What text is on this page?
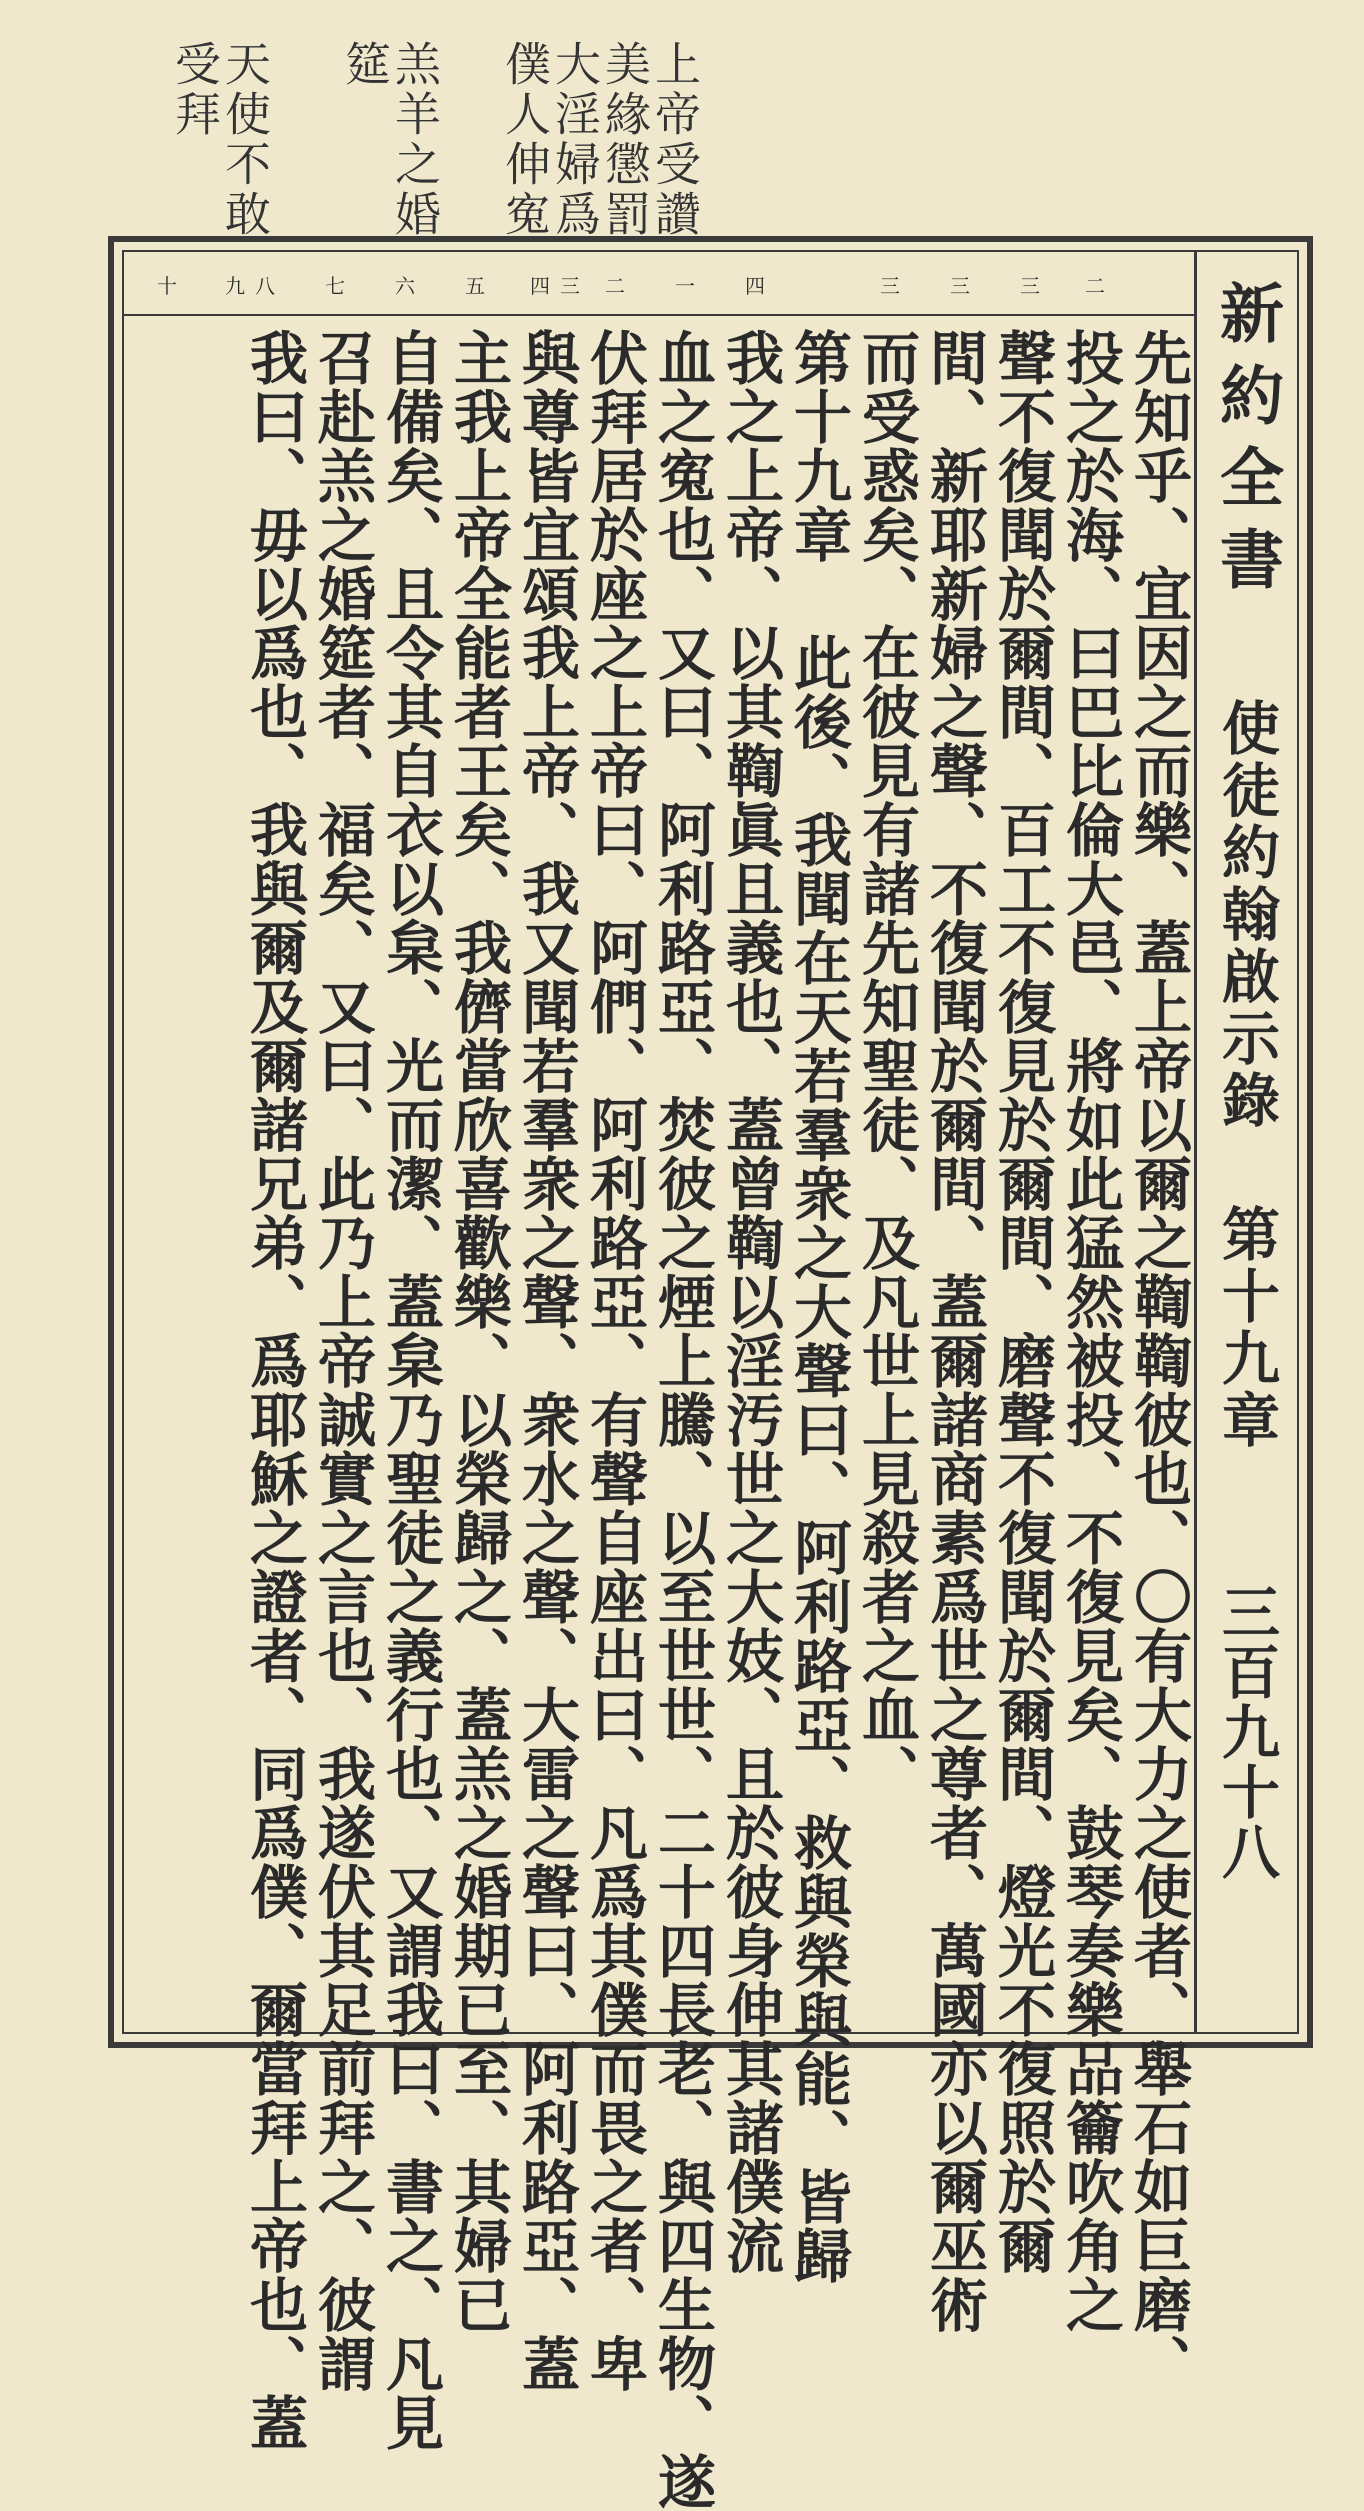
上帝受讚
美緣懲罰
大淫婦爲
僕人伸寃
羔羊之婚
筵
天使不敢
受拜
新約全書
使徒約翰啟示錄 第十九章
三百九十八
十	九 八	七	六	五	四 三	二	一	四	三	三	三	二
先知乎、宜因之而樂、蓋上帝以爾之鞫鞫彼也、〇有大力之使者、舉石如巨磨、
投之於海、曰巴比倫大邑、將如此猛然被投、不復見矣、鼓琴奏樂品籥吹角之
聲不復聞於爾間、百工不復見於爾間、磨聲不復聞於爾間、燈光不復照於爾
間、新耶新婦之聲、不復聞於爾間、蓋爾諸商素爲世之尊者、萬國亦以爾巫術
而受惑矣、在彼見有諸先知聖徒、及凡世上見殺者之血、
第十九章 此後、我聞在天若羣衆之大聲曰、阿利路亞、救與榮與能、皆歸
我之上帝、以其鞫眞且義也、蓋曾鞫以淫汚世之大妓、且於彼身伸其諸僕流
血之寃也、又曰、阿利路亞、焚彼之煙上騰、以至世世、二十四長老、與四生物、遂
伏拜居於座之上帝曰、阿們、阿利路亞、有聲自座出曰、凡爲其僕而畏之者、卑
與尊皆宜頌我上帝、我又聞若羣衆之聲、衆水之聲、大雷之聲曰、阿利路亞、蓋
主我上帝全能者王矣、我儕當欣喜歡樂、以榮歸之、蓋羔之婚期已至、其婦已
自備矣、且令其自衣以枲、光而潔、蓋枲乃聖徒之義行也、又謂我曰、書之、凡見
召赴羔之婚筵者、福矣、又曰、此乃上帝誠實之言也、我遂伏其足前拜之、彼謂
我曰、毋以爲也、我與爾及爾諸兄弟、爲耶穌之證者、同爲僕、爾當拜上帝也、蓋
